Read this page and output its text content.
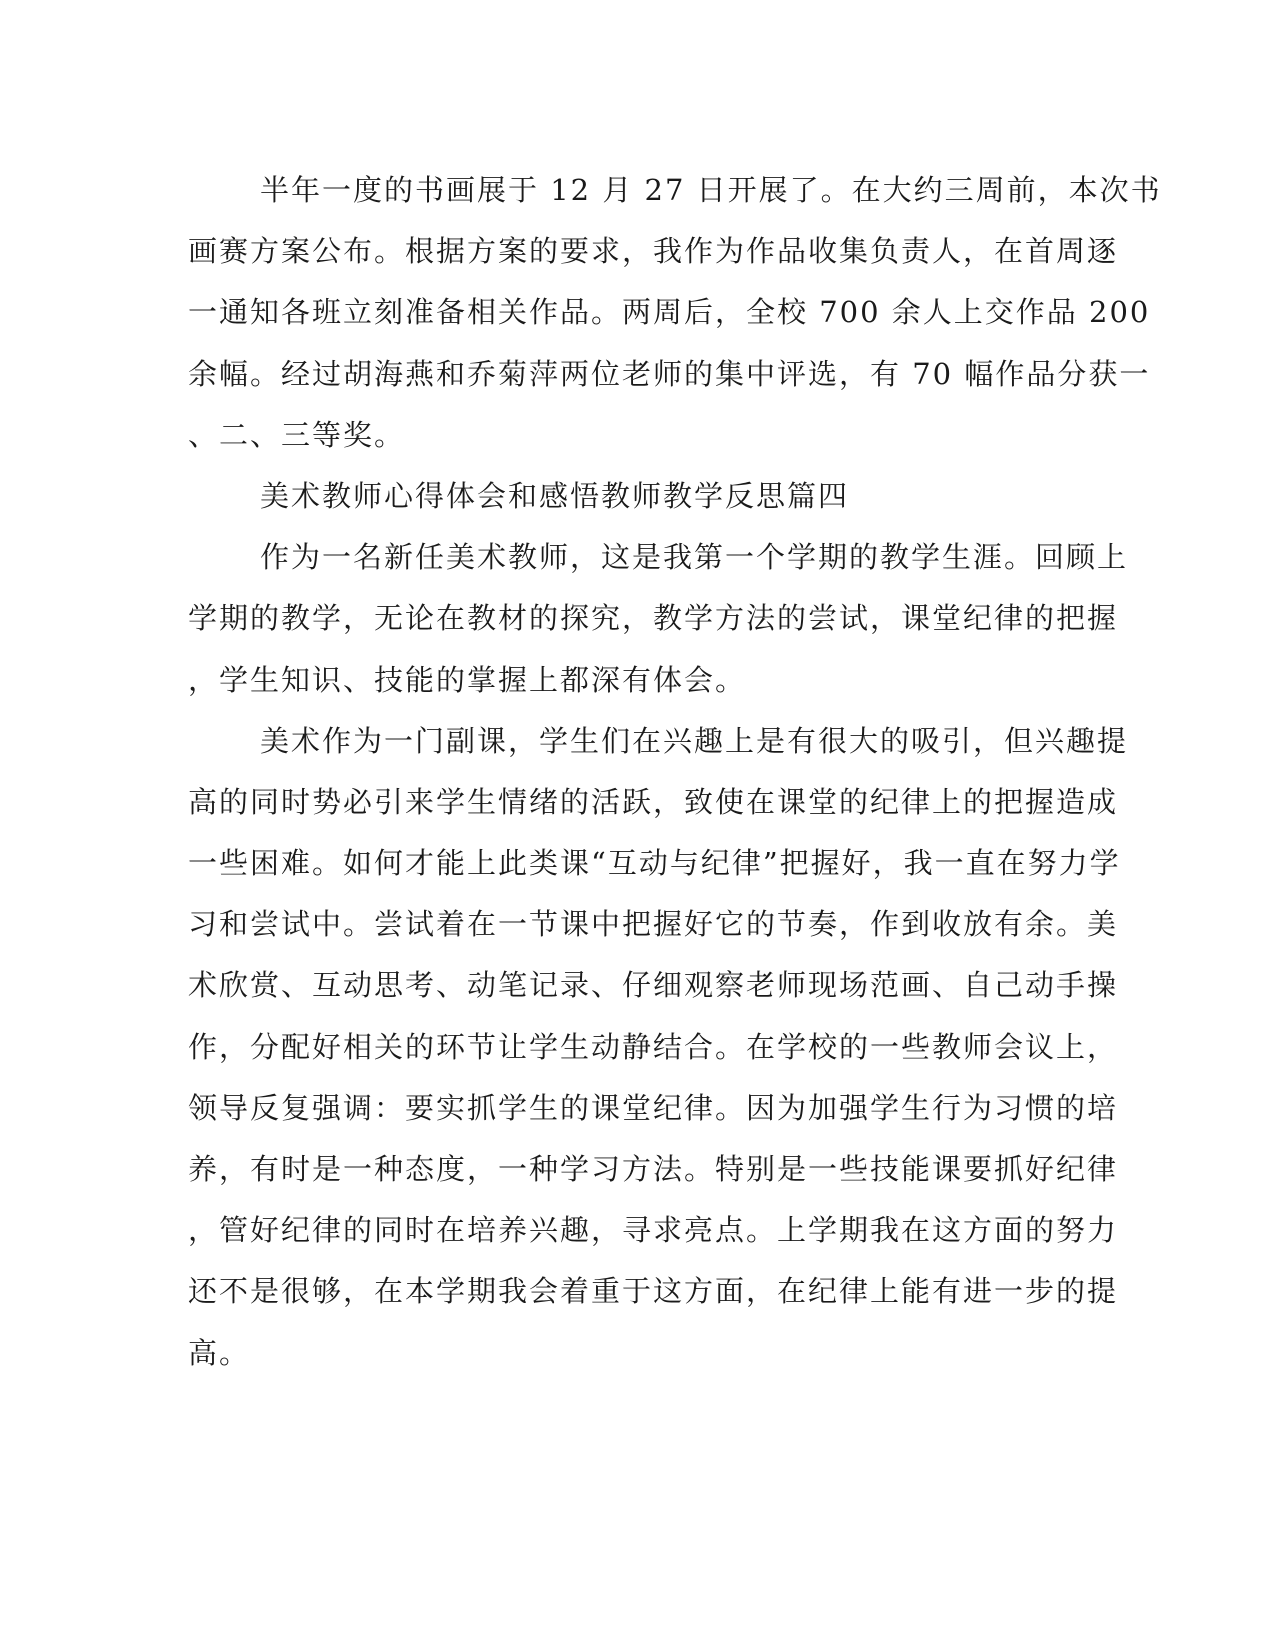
半年一度的书画展于 12 月 27 日开展了。在大约三周前，本次书
画赛方案公布。根据方案的要求，我作为作品收集负责人，在首周逐
一通知各班立刻准备相关作品。两周后，全校 700 余人上交作品 200
余幅。经过胡海燕和乔菊萍两位老师的集中评选，有 70 幅作品分获一
、二、三等奖。
美术教师心得体会和感悟教师教学反思篇四
作为一名新任美术教师，这是我第一个学期的教学生涯。回顾上
学期的教学，无论在教材的探究，教学方法的尝试，课堂纪律的把握
，学生知识、技能的掌握上都深有体会。
美术作为一门副课，学生们在兴趣上是有很大的吸引，但兴趣提
高的同时势必引来学生情绪的活跃，致使在课堂的纪律上的把握造成
一些困难。如何才能上此类课“互动与纪律”把握好，我一直在努力学
习和尝试中。尝试着在一节课中把握好它的节奏，作到收放有余。美
术欣赏、互动思考、动笔记录、仔细观察老师现场范画、自己动手操
作，分配好相关的环节让学生动静结合。在学校的一些教师会议上，
领导反复强调：要实抓学生的课堂纪律。因为加强学生行为习惯的培
养，有时是一种态度，一种学习方法。特别是一些技能课要抓好纪律
，管好纪律的同时在培养兴趣，寻求亮点。上学期我在这方面的努力
还不是很够，在本学期我会着重于这方面，在纪律上能有进一步的提
高。
